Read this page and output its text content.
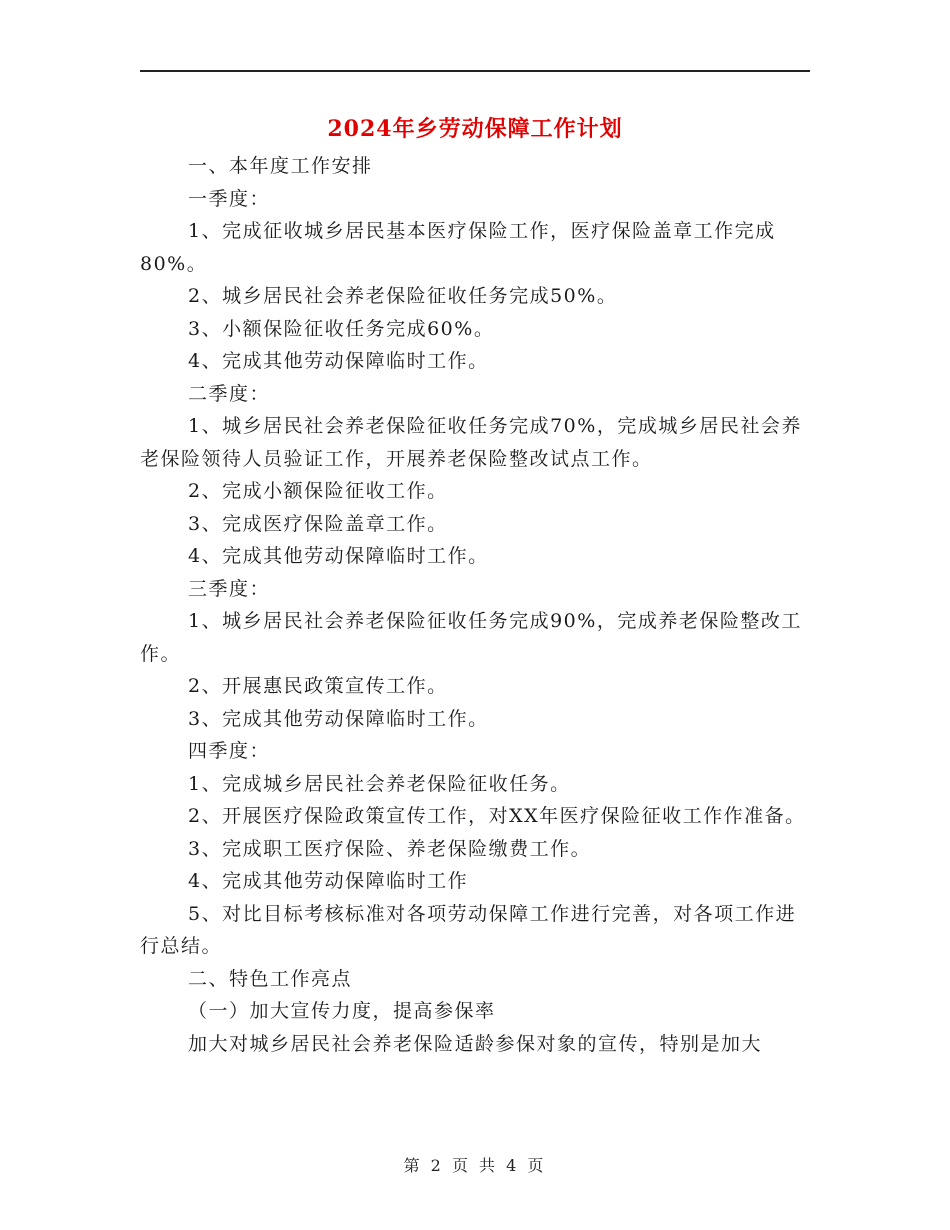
2024年乡劳动保障工作计划

一、本年度工作安排

一季度：

1、完成征收城乡居民基本医疗保险工作，医疗保险盖章工作完成80%。

2、城乡居民社会养老保险征收任务完成50%。

3、小额保险征收任务完成60%。

4、完成其他劳动保障临时工作。

二季度：

1、城乡居民社会养老保险征收任务完成70%，完成城乡居民社会养老保险领待人员验证工作，开展养老保险整改试点工作。

2、完成小额保险征收工作。

3、完成医疗保险盖章工作。

4、完成其他劳动保障临时工作。

三季度：

1、城乡居民社会养老保险征收任务完成90%，完成养老保险整改工作。

2、开展惠民政策宣传工作。

3、完成其他劳动保障临时工作。

四季度：

1、完成城乡居民社会养老保险征收任务。

2、开展医疗保险政策宣传工作，对XX年医疗保险征收工作作准备。

3、完成职工医疗保险、养老保险缴费工作。

4、完成其他劳动保障临时工作

5、对比目标考核标准对各项劳动保障工作进行完善，对各项工作进行总结。

二、特色工作亮点

（一）加大宣传力度，提高参保率

加大对城乡居民社会养老保险适龄参保对象的宣传，特别是加大

第 2 页 共 4 页
